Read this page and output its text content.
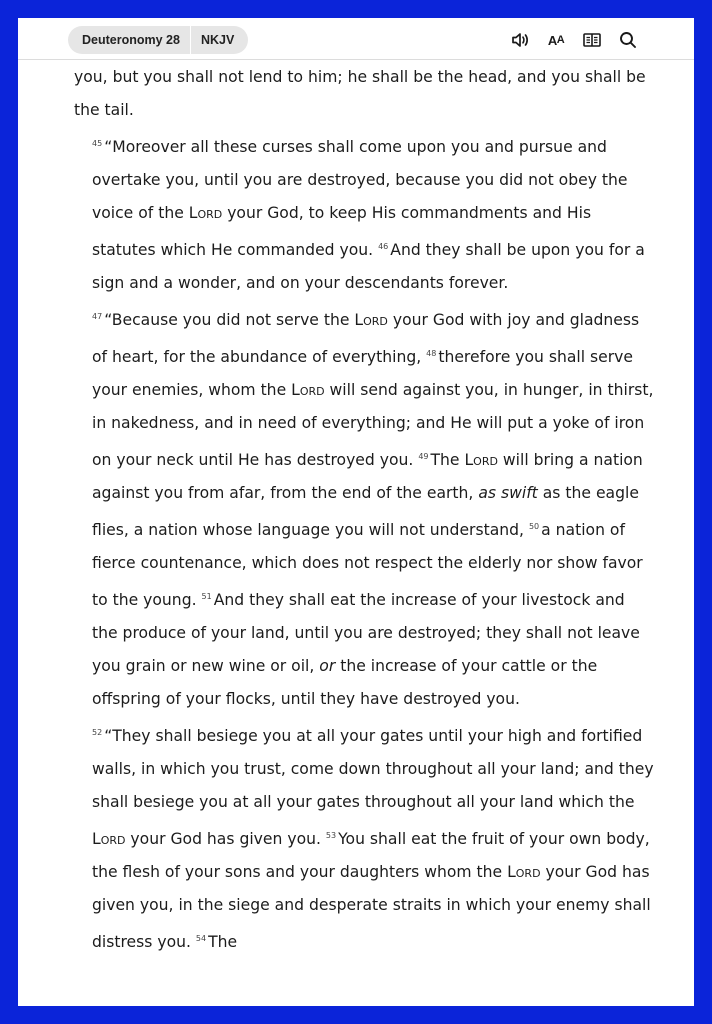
Deuteronomy 28	NKJV	A A

you, but you shall not lend to him; he shall be the head, and you shall be the tail.

$^{45}$ “Moreover all these curses shall come upon you and pursue and overtake you, until you are destroyed, because you did not obey the voice of the Lord your God, to keep His commandments and His statutes which He commanded you. $^{46}$ And they shall be upon you for a sign and a wonder, and on your descendants forever.

$^{47}$ “Because you did not serve the Lord your God with joy and gladness of heart, for the abundance of everything, $^{48}$ therefore you shall serve your enemies, whom the Lord will send against you, in hunger, in thirst, in nakedness, and in need of everything; and He will put a yoke of iron on your neck until He has destroyed you. $^{49}$ The Lord will bring a nation against you from afar, from the end of the earth, as swift as the eagle flies, a nation whose language you will not understand, $^{50}$ a nation of fierce countenance, which does not respect the elderly nor show favor to the young. $^{51}$ And they shall eat the increase of your livestock and the produce of your land, until you are destroyed; they shall not leave you grain or new wine or oil, or the increase of your cattle or the offspring of your flocks, until they have destroyed you.

$^{52}$ “They shall besiege you at all your gates until your high and fortified walls, in which you trust, come down throughout all your land; and they shall besiege you at all your gates throughout all your land which the Lord your God has given you. $^{53}$ You shall eat the fruit of your own body, the flesh of your sons and your daughters whom the Lord your God has given you, in the siege and desperate straits in which your enemy shall distress you. $^{54}$ The
